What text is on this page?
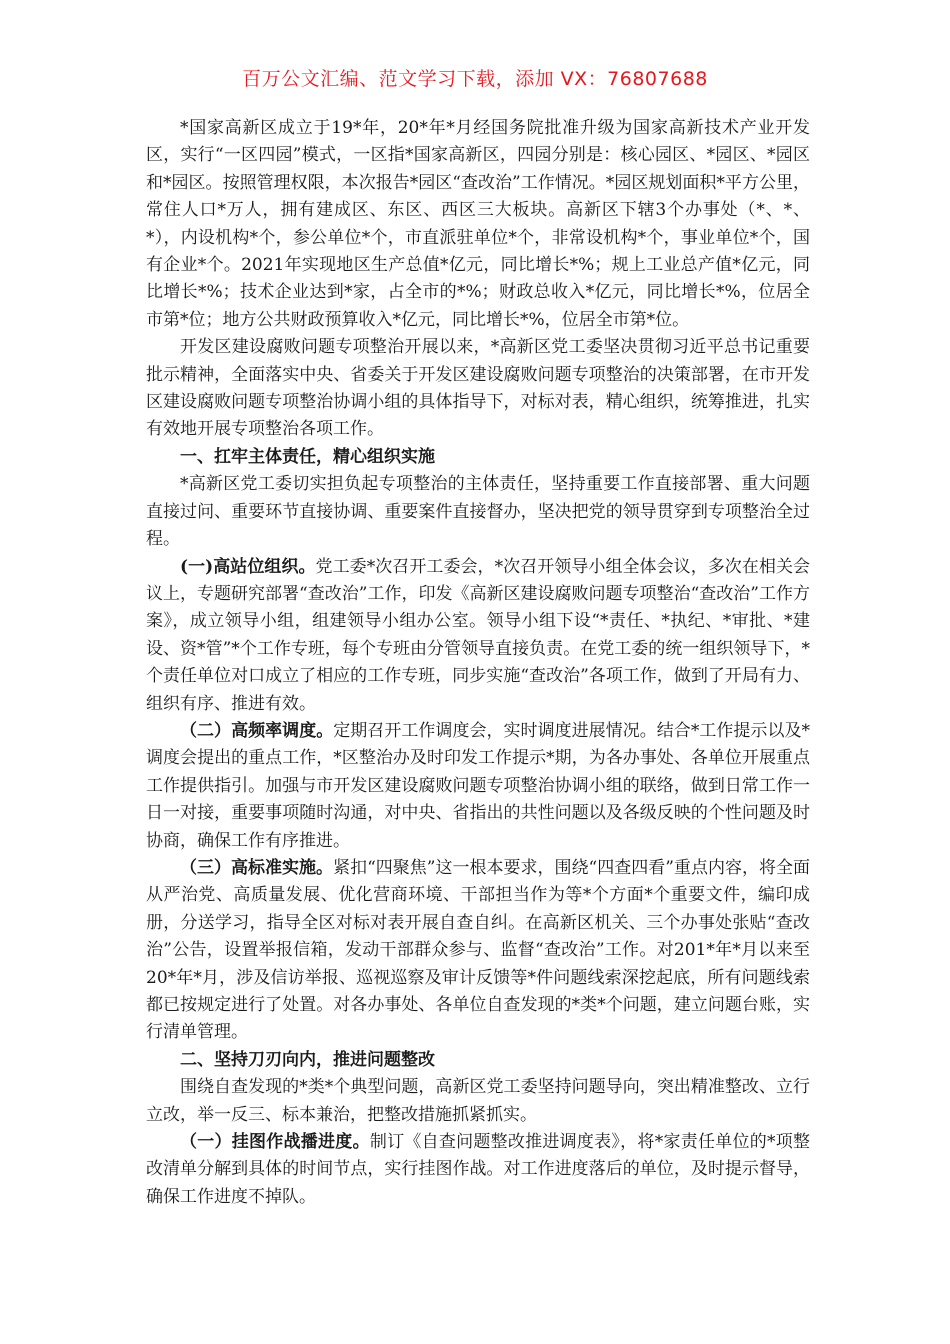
百万公文汇编、范文学习下载，添加 VX：76807688

*国家高新区成立于19*年，20*年*月经国务院批准升级为国家高新技术产业开发区，实行“一区四园”模式，一区指*国家高新区，四园分别是：核心园区、*园区、*园区和*园区。按照管理权限，本次报告*园区“查改治”工作情况。*园区规划面积*平方公里，常住人口*万人，拥有建成区、东区、西区三大板块。高新区下辖3个办事处（*、*、*），内设机构*个，参公单位*个，市直派驻单位*个，非常设机构*个，事业单位*个，国有企业*个。2021年实现地区生产总值*亿元，同比增长*%；规上工业总产值*亿元，同比增长*%；技术企业达到*家，占全市的*%；财政总收入*亿元，同比增长*%，位居全市第*位；地方公共财政预算收入*亿元，同比增长*%，位居全市第*位。

开发区建设腐败问题专项整治开展以来，*高新区党工委坚决贯彻习近平总书记重要批示精神，全面落实中央、省委关于开发区建设腐败问题专项整治的决策部署，在市开发区建设腐败问题专项整治协调小组的具体指导下，对标对表，精心组织，统筹推进，扎实有效地开展专项整治各项工作。

一、扛牢主体责任，精心组织实施

*高新区党工委切实担负起专项整治的主体责任，坚持重要工作直接部署、重大问题直接过问、重要环节直接协调、重要案件直接督办，坚决把党的领导贯穿到专项整治全过程。

(一)高站位组织。党工委*次召开工委会，*次召开领导小组全体会议，多次在相关会议上，专题研究部署“查改治”工作，印发《高新区建设腐败问题专项整治“查改治”工作方案》，成立领导小组，组建领导小组办公室。领导小组下设“*责任、*执纪、*审批、*建设、资*管”*个工作专班，每个专班由分管领导直接负责。在党工委的统一组织领导下，*个责任单位对口成立了相应的工作专班，同步实施“查改治”各项工作，做到了开局有力、组织有序、推进有效。

（二）高频率调度。定期召开工作调度会，实时调度进展情况。结合*工作提示以及*调度会提出的重点工作，*区整治办及时印发工作提示*期，为各办事处、各单位开展重点工作提供指引。加强与市开发区建设腐败问题专项整治协调小组的联络，做到日常工作一日一对接，重要事项随时沟通，对中央、省指出的共性问题以及各级反映的个性问题及时协商，确保工作有序推进。

（三）高标准实施。紧扣“四聚焦”这一根本要求，围绕“四查四看”重点内容，将全面从严治党、高质量发展、优化营商环境、干部担当作为等*个方面*个重要文件，编印成册，分送学习，指导全区对标对表开展自查自纠。在高新区机关、三个办事处张贴“查改治”公告，设置举报信箱，发动干部群众参与、监督“查改治”工作。对201*年*月以来至20*年*月，涉及信访举报、巡视巡察及审计反馈等*件问题线索深挖起底，所有问题线索都已按规定进行了处置。对各办事处、各单位自查发现的*类*个问题，建立问题台账，实行清单管理。

二、坚持刀刃向内，推进问题整改

围绕自查发现的*类*个典型问题，高新区党工委坚持问题导向，突出精准整改、立行立改，举一反三、标本兼治，把整改措施抓紧抓实。

（一）挂图作战播进度。制订《自查问题整改推进调度表》，将*家责任单位的*项整改清单分解到具体的时间节点，实行挂图作战。对工作进度落后的单位，及时提示督导，确保工作进度不掉队。
